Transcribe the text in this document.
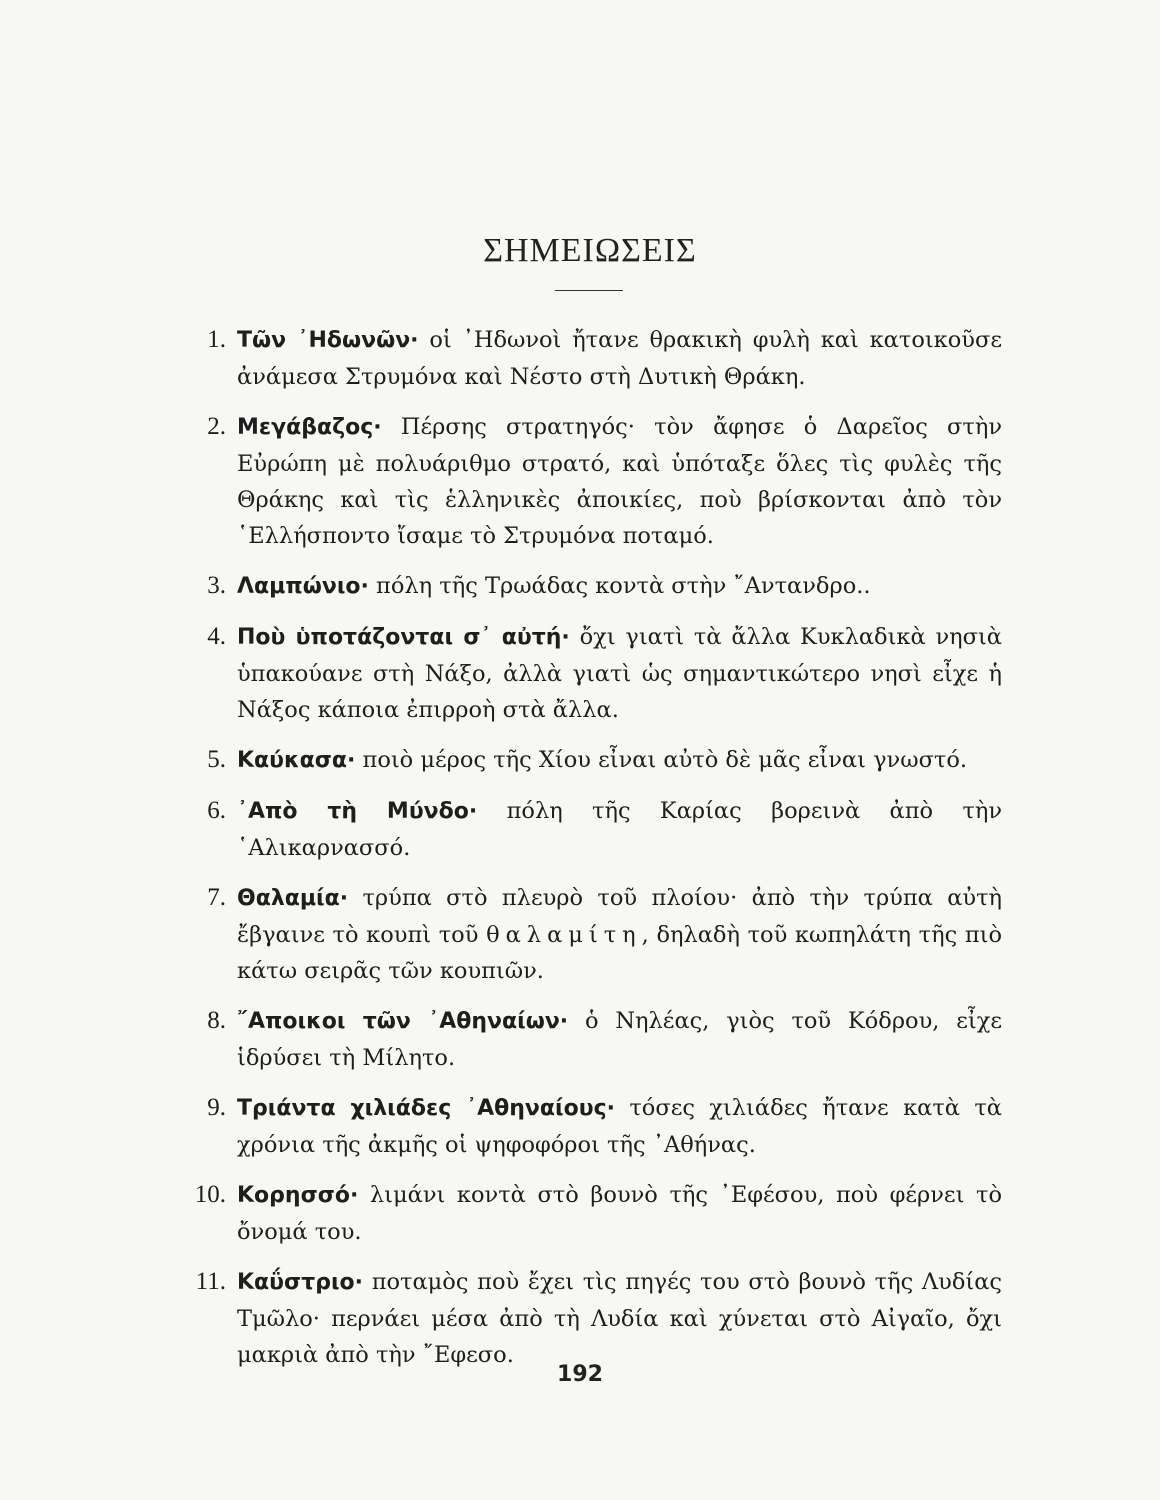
ΣΗΜΕΙΩΣΕΙΣ
1. Τῶν ᾿Ηδωνῶν· οἱ ᾿Ηδωνοὶ ἤτανε θρακικὴ φυλὴ καὶ κατοικοῦσε ἀνάμεσα Στρυμόνα καὶ Νέστο στὴ Δυτικὴ Θράκη.
2. Μεγάβαζος· Πέρσης στρατηγός· τὸν ἄφησε ὁ Δαρεῖος στὴν Εὐρώπη μὲ πολυάριθμο στρατό, καὶ ὑπόταξε ὅλες τὶς φυλὲς τῆς Θράκης καὶ τὶς ἑλληνικὲς ἀποικίες, ποὺ βρίσκονται ἀπὸ τὸν ῾Ελλήσποντο ἴσαμε τὸ Στρυμόνα ποταμό.
3. Λαμπώνιο· πόλη τῆς Τρωάδας κοντὰ στὴν ῎Αντανδρο..
4. Ποὺ ὑποτάζονται σ᾿ αὐτή· ὄχι γιατὶ τὰ ἄλλα Κυκλαδικὰ νησιὰ ὑπακούανε στὴ Νάξο, ἀλλὰ γιατὶ ὡς σημαντικώτερο νησὶ εἶχε ἡ Νάξος κάποια ἐπιρροὴ στὰ ἄλλα.
5. Καύκασα· ποιὸ μέρος τῆς Χίου εἶναι αὐτὸ δὲ μᾶς εἶναι γνωστό.
6. ᾿Απὸ τὴ Μύνδο· πόλη τῆς Καρίας βορεινὰ ἀπὸ τὴν ῾Αλικαρνασσό.
7. Θαλαμία· τρύπα στὸ πλευρὸ τοῦ πλοίου· ἀπὸ τὴν τρύπα αὐτὴ ἔβγαινε τὸ κουπὶ τοῦ θαλαμίτη, δηλαδὴ τοῦ κωπηλάτη τῆς πιὸ κάτω σειρᾶς τῶν κουπιῶν.
8. ῎Αποικοι τῶν ᾿Αθηναίων· ὁ Νηλέας, γιὸς τοῦ Κόδρου, εἶχε ἱδρύσει τὴ Μίλητο.
9. Τριάντα χιλιάδες ᾿Αθηναίους· τόσες χιλιάδες ἤτανε κατὰ τὰ χρόνια τῆς ἀκμῆς οἱ ψηφοφόροι τῆς ᾿Αθήνας.
10. Κορησσό· λιμάνι κοντὰ στὸ βουνὸ τῆς ᾿Εφέσου, ποὺ φέρνει τὸ ὄνομά του.
11. Καΰστριο· ποταμὸς ποὺ ἔχει τὶς πηγές του στὸ βουνὸ τῆς Λυδίας Τμῶλο· περνάει μέσα ἀπὸ τὴ Λυδία καὶ χύνεται στὸ Αἰγαῖο, ὄχι μακριὰ ἀπὸ τὴν ῎Εφεσο.
192
